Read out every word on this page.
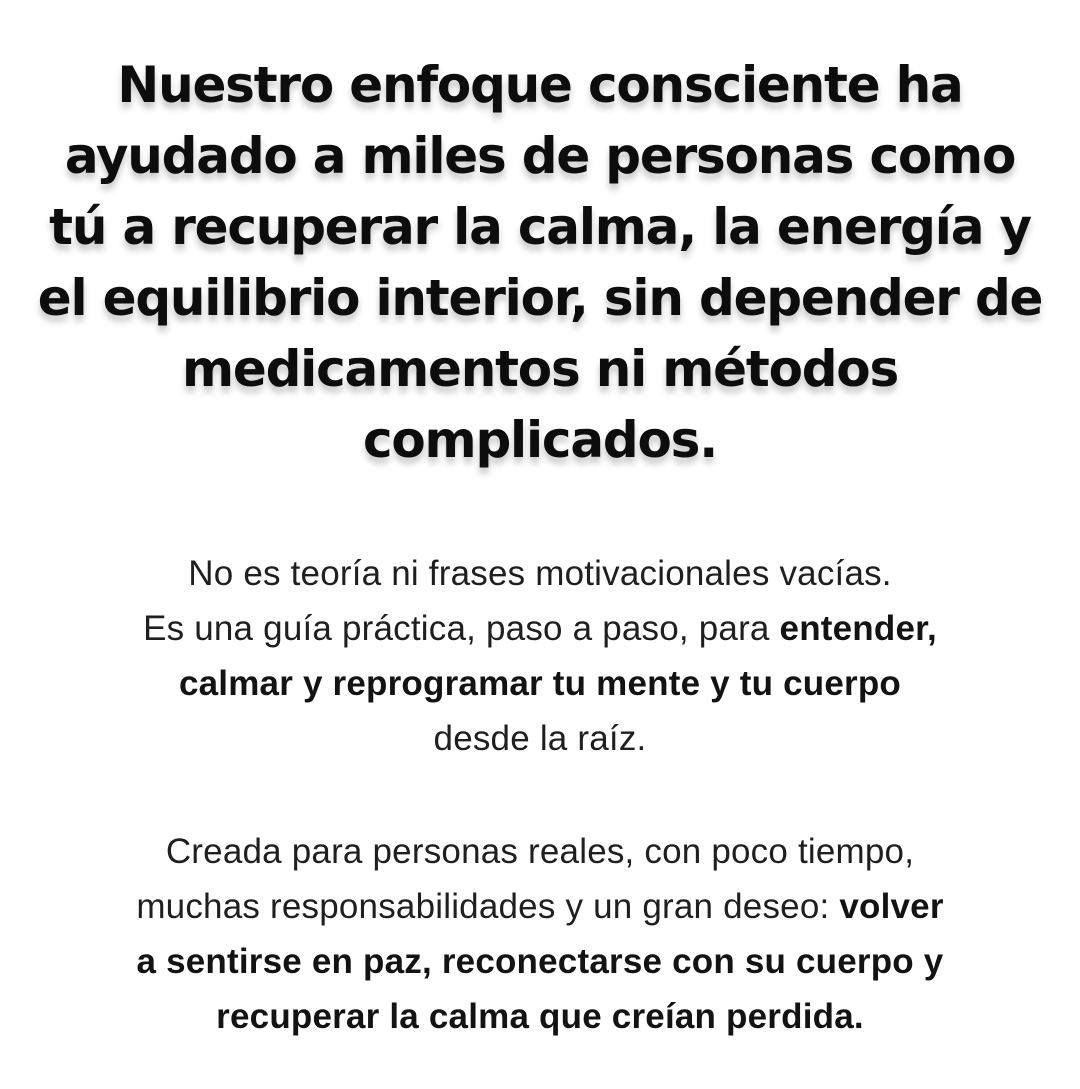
Nuestro enfoque consciente ha
ayudado a miles de personas como
tú a recuperar la calma, la energía y
el equilibrio interior, sin depender de
medicamentos ni métodos
complicados.
No es teoría ni frases motivacionales vacías.
Es una guía práctica, paso a paso, para entender,
calmar y reprogramar tu mente y tu cuerpo
desde la raíz.
Creada para personas reales, con poco tiempo,
muchas responsabilidades y un gran deseo: volver
a sentirse en paz, reconectarse con su cuerpo y
recuperar la calma que creían perdida.
